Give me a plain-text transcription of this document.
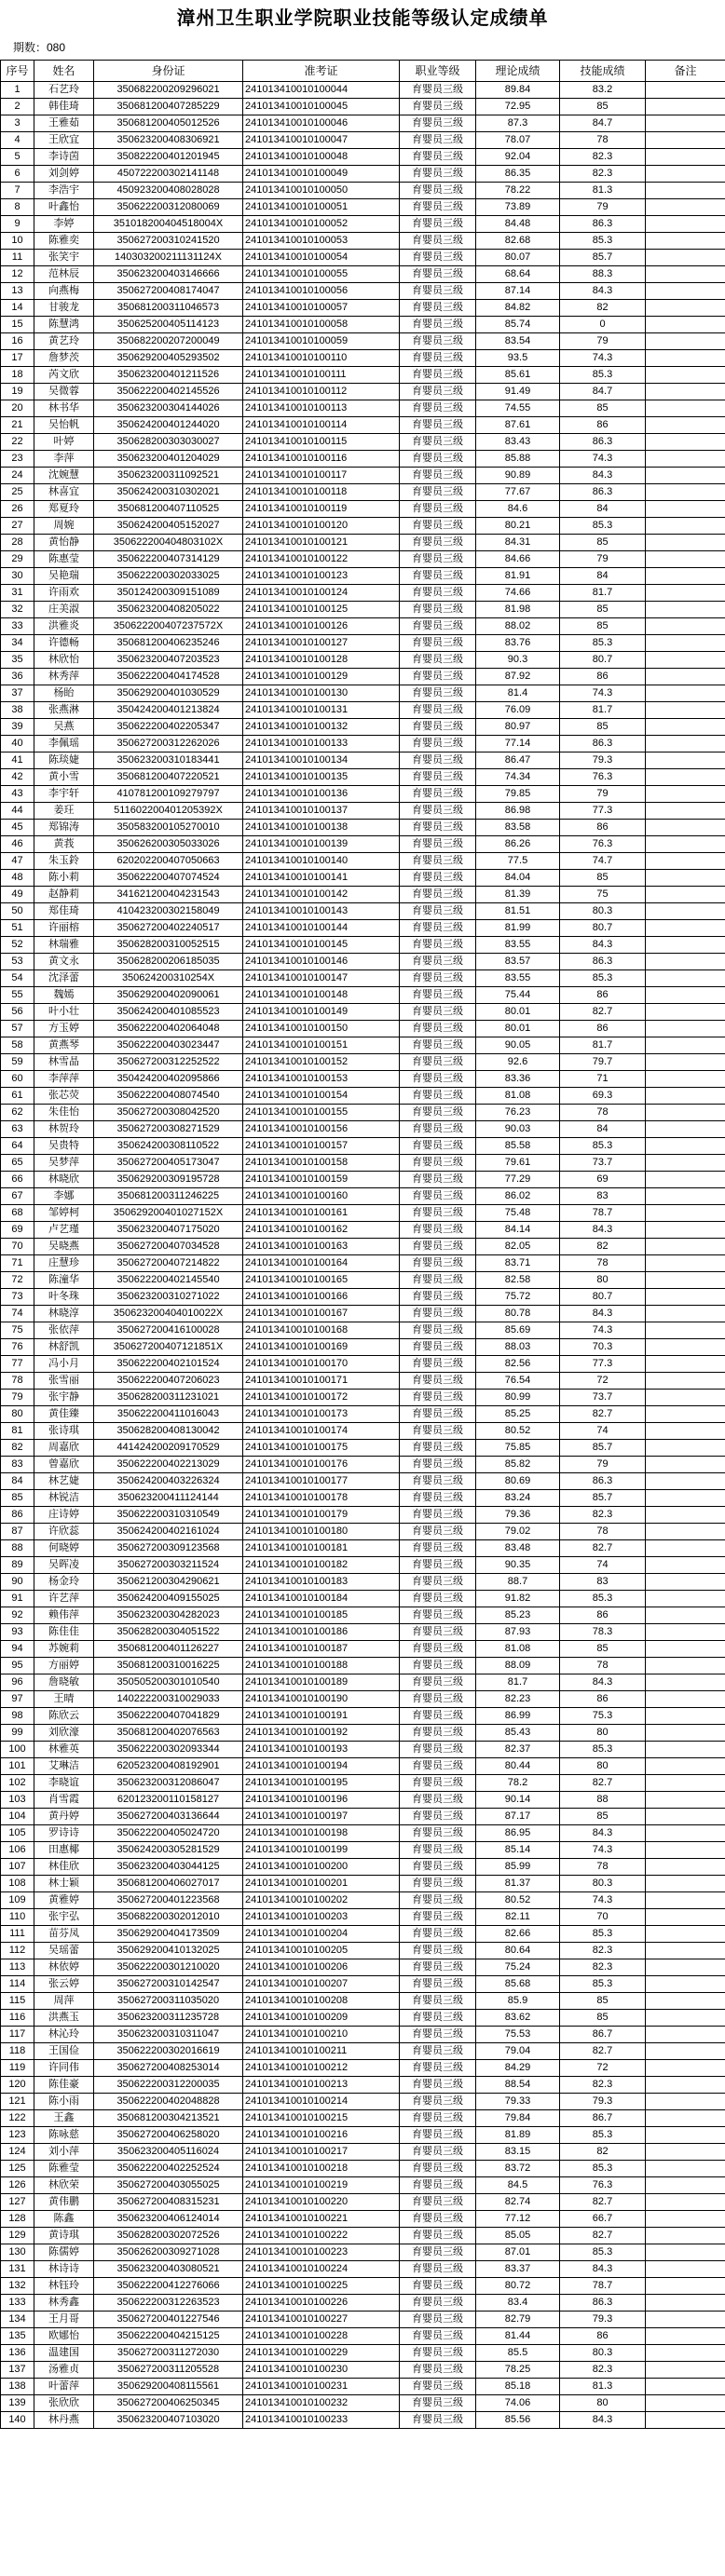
漳州卫生职业学院职业技能等级认定成绩单
期数：080
序号	姓名	身份证	准考证	职业等级	理论成绩	技能成绩	备注
1	石艺玲	350682200209296021	241013410010100044	育婴员三级	89.84	83.2	
2	韩佳琦	350681200407285229	241013410010100045	育婴员三级	72.95	85	
3	王雅茹	350681200405012526	241013410010100046	育婴员三级	87.3	84.7	
4	王欣宜	350623200408306921	241013410010100047	育婴员三级	78.07	78	
5	李诗茵	350822200401201945	241013410010100048	育婴员三级	92.04	82.3	
6	刘剑婷	450722200302141148	241013410010100049	育婴员三级	86.35	82.3	
7	李浩宇	450923200408028028	241013410010100050	育婴员三级	78.22	81.3	
8	叶鑫怡	350622200312080069	241013410010100051	育婴员三级	73.89	79	
9	李婷	351018200404518004X	241013410010100052	育婴员三级	84.48	86.3	
10	陈雅奕	350627200310241520	241013410010100053	育婴员三级	82.68	85.3	
11	张笑宇	140303200211131124X	241013410010100054	育婴员三级	80.07	85.7	
12	范林辰	350623200403146666	241013410010100055	育婴员三级	68.64	88.3	
13	向燕梅	350627200408174047	241013410010100056	育婴员三级	87.14	84.3	
14	甘骏龙	350681200311046573	241013410010100057	育婴员三级	84.82	82	
15	陈慧鸿	350625200405114123	241013410010100058	育婴员三级	85.74	0	
16	黄艺玲	350682200207200049	241013410010100059	育婴员三级	83.54	79	
17	詹梦茨	350629200405293502	241013410010100110	育婴员三级	93.5	74.3	
18	芮文欣	350623200401211526	241013410010100111	育婴员三级	85.61	85.3	
19	吴微蓉	350622200402145526	241013410010100112	育婴员三级	91.49	84.7	
20	林书华	350623200304144026	241013410010100113	育婴员三级	74.55	85	
21	吴怡帆	350624200401244020	241013410010100114	育婴员三级	87.61	86	
22	叶婷	350628200303030027	241013410010100115	育婴员三级	83.43	86.3	
23	李萍	350623200401204029	241013410010100116	育婴员三级	85.88	74.3	
24	沈婉慧	350623200311092521	241013410010100117	育婴员三级	90.89	84.3	
25	林喜宜	350624200310302021	241013410010100118	育婴员三级	77.67	86.3	
26	郑夏玲	350681200407110525	241013410010100119	育婴员三级	84.6	84	
27	周婉	350624200405152027	241013410010100120	育婴员三级	80.21	85.3	
28	黄怡静	350622200404803102X	241013410010100121	育婴员三级	84.31	85	
29	陈惠莹	350622200407314129	241013410010100122	育婴员三级	84.66	79	
30	吴艳瑞	350622200302033025	241013410010100123	育婴员三级	81.91	84	
31	许雨欢	350124200309151089	241013410010100124	育婴员三级	74.66	81.7	
32	庄美淑	350623200408205022	241013410010100125	育婴员三级	81.98	85	
33	洪雅炎	350622200407237572X	241013410010100126	育婴员三级	88.02	85	
34	许德畅	350681200406235246	241013410010100127	育婴员三级	83.76	85.3	
35	林欣怡	350623200407203523	241013410010100128	育婴员三级	90.3	80.7	
36	林秀萍	350622200404174528	241013410010100129	育婴员三级	87.92	86	
37	杨眙	350629200401030529	241013410010100130	育婴员三级	81.4	74.3	
38	张燕淋	350424200401213824	241013410010100131	育婴员三级	76.09	81.7	
39	吴燕	350622200402205347	241013410010100132	育婴员三级	80.97	85	
40	李佩瑶	350627200312262026	241013410010100133	育婴员三级	77.14	86.3	
41	陈琰婕	350623200310183441	241013410010100134	育婴员三级	86.47	79.3	
42	黄小雪	350681200407220521	241013410010100135	育婴员三级	74.34	76.3	
43	李宇轩	410781200109279797	241013410010100136	育婴员三级	79.85	79	
44	姜玨	511602200401205392X	241013410010100137	育婴员三级	86.98	77.3	
45	郑锦涛	350583200105270010	241013410010100138	育婴员三级	83.58	86	
46	黄莪	350626200305033026	241013410010100139	育婴员三级	86.26	76.3	
47	朱玉鈴	620202200407050663	241013410010100140	育婴员三级	77.5	74.7	
48	陈小莉	350622200407074524	241013410010100141	育婴员三级	84.04	85	
49	赵静莉	341621200404231543	241013410010100142	育婴员三级	81.39	75	
50	郑佳琦	410423200302158049	241013410010100143	育婴员三级	81.51	80.3	
51	许丽榕	350627200402240517	241013410010100144	育婴员三级	81.99	80.7	
52	林瑞雅	350628200310052515	241013410010100145	育婴员三级	83.55	84.3	
53	黄文永	350628200206185035	241013410010100146	育婴员三级	83.57	86.3	
54	沈泽蕾	350624200310254X	241013410010100147	育婴员三级	83.55	85.3	
55	魏嫣	350629200402090061	241013410010100148	育婴员三级	75.44	86	
56	叶小壮	350624200401085523	241013410010100149	育婴员三级	80.01	82.7	
57	方玉婷	350622200402064048	241013410010100150	育婴员三级	80.01	86	
58	黄燕琴	350622200403023447	241013410010100151	育婴员三级	90.05	81.7	
59	林雪晶	350627200312252522	241013410010100152	育婴员三级	92.6	79.7	
60	李萍萍	350424200402095866	241013410010100153	育婴员三级	83.36	71	
61	张芯荧	350622200408074540	241013410010100154	育婴员三级	81.08	69.3	
62	朱佳怡	350627200308042520	241013410010100155	育婴员三级	76.23	78	
63	林贺玲	350627200308271529	241013410010100156	育婴员三级	90.03	84	
64	吴贵特	350624200308110522	241013410010100157	育婴员三级	85.58	85.3	
65	吴梦萍	350627200405173047	241013410010100158	育婴员三级	79.61	73.7	
66	林晓欣	350629200309195728	241013410010100159	育婴员三级	77.29	69	
67	李娜	350681200311246225	241013410010100160	育婴员三级	86.02	83	
68	邹婷柯	350629200401027152X	241013410010100161	育婴员三级	75.48	78.7	
69	卢艺瑾	350623200407175020	241013410010100162	育婴员三级	84.14	84.3	
70	吴晓燕	350627200407034528	241013410010100163	育婴员三级	82.05	82	
71	庄慧珍	350627200407214822	241013410010100164	育婴员三级	83.71	78	
72	陈潼华	350622200402145540	241013410010100165	育婴员三级	82.58	80	
73	叶冬珠	350623200310271022	241013410010100166	育婴员三级	75.72	80.7	
74	林晓淳	350623200404010022X	241013410010100167	育婴员三级	80.78	84.3	
75	张依萍	350627200416100028	241013410010100168	育婴员三级	85.69	74.3	
76	林舒凯	350627200407121851X	241013410010100169	育婴员三级	88.03	70.3	
77	冯小月	350622200402101524	241013410010100170	育婴员三级	82.56	77.3	
78	张雪丽	350622200407206023	241013410010100171	育婴员三级	76.54	72	
79	张宇静	350628200311231021	241013410010100172	育婴员三级	80.99	73.7	
80	黄佳臻	350622200411016043	241013410010100173	育婴员三级	85.25	82.7	
81	张诗琪	350628200408130042	241013410010100174	育婴员三级	80.52	74	
82	周嘉欣	441424200209170529	241013410010100175	育婴员三级	75.85	85.7	
83	曾嘉欣	350622200402213029	241013410010100176	育婴员三级	85.82	79	
84	林艺婕	350624200403226324	241013410010100177	育婴员三级	80.69	86.3	
85	林锐洁	350623200411124144	241013410010100178	育婴员三级	83.24	85.7	
86	庄诗婷	350622200310310549	241013410010100179	育婴员三级	79.36	82.3	
87	许欣蕊	350624200402161024	241013410010100180	育婴员三级	79.02	78	
88	何晓婷	350627200309123568	241013410010100181	育婴员三级	83.48	82.7	
89	吴晖凌	350627200303211524	241013410010100182	育婴员三级	90.35	74	
90	杨金玲	350621200304290621	241013410010100183	育婴员三级	88.7	83	
91	许艺萍	350624200409155025	241013410010100184	育婴员三级	91.82	85.3	
92	赖伟萍	350623200304282023	241013410010100185	育婴员三级	85.23	86	
93	陈佳佳	350628200304051522	241013410010100186	育婴员三级	87.93	78.3	
94	苏婉莉	350681200401126227	241013410010100187	育婴员三级	81.08	85	
95	方丽婷	350681200310016225	241013410010100188	育婴员三级	88.09	78	
96	詹晓敏	350505200301010540	241013410010100189	育婴员三级	81.7	84.3	
97	王晴	140222200310029033	241013410010100190	育婴员三级	82.23	86	
98	陈欣云	350622200407041829	241013410010100191	育婴员三级	86.99	75.3	
99	刘欣濠	350681200402076563	241013410010100192	育婴员三级	85.43	80	
100	林雅英	350622200302093344	241013410010100193	育婴员三级	82.37	85.3	
101	艾琳洁	620523200408192901	241013410010100194	育婴员三级	80.44	80	
102	李晓谊	350623200312086047	241013410010100195	育婴员三级	78.2	82.7	
103	肖雪霞	620123200110158127	241013410010100196	育婴员三级	90.14	88	
104	黄丹婷	350627200403136644	241013410010100197	育婴员三级	87.17	85	
105	罗诗诗	350622200405024720	241013410010100198	育婴员三级	86.95	84.3	
106	田惠椰	350624200305281529	241013410010100199	育婴员三级	85.14	74.3	
107	林佳欣	350623200403044125	241013410010100200	育婴员三级	85.99	78	
108	林士颖	350681200406027017	241013410010100201	育婴员三级	81.37	80.3	
109	黄雅婷	350627200401223568	241013410010100202	育婴员三级	80.52	74.3	
110	张宇弘	350682200302012010	241013410010100203	育婴员三级	82.11	70	
111	苗芬凤	350629200404173509	241013410010100204	育婴员三级	82.66	85.3	
112	吴瑶蕾	350629200410132025	241013410010100205	育婴员三级	80.64	82.3	
113	林依婷	350622200301210020	241013410010100206	育婴员三级	75.24	82.3	
114	张云婷	350627200310142547	241013410010100207	育婴员三级	85.68	85.3	
115	周萍	350627200311035020	241013410010100208	育婴员三级	85.9	85	
116	洪燕玉	350623200311235728	241013410010100209	育婴员三级	83.62	85	
117	林沁玲	350623200310311047	241013410010100210	育婴员三级	75.53	86.7	
118	王国俭	350622200302016619	241013410010100211	育婴员三级	79.04	82.7	
119	许同伟	350627200408253014	241013410010100212	育婴员三级	84.29	72	
120	陈佳豪	350622200312200035	241013410010100213	育婴员三级	88.54	82.3	
121	陈小雨	350622200402048828	241013410010100214	育婴员三级	79.33	79.3	
122	王鑫	350681200304213521	241013410010100215	育婴员三级	79.84	86.7	
123	陈咏慈	350627200406258020	241013410010100216	育婴员三级	81.89	85.3	
124	刘小萍	350623200405116024	241013410010100217	育婴员三级	83.15	82	
125	陈雅莹	350622200402252524	241013410010100218	育婴员三级	83.72	85.3	
126	林欣荣	350627200403055025	241013410010100219	育婴员三级	84.5	76.3	
127	黄伟鹏	350627200408315231	241013410010100220	育婴员三级	82.74	82.7	
128	陈鑫	350623200406124014	241013410010100221	育婴员三级	77.12	66.7	
129	黄诗琪	350628200302072526	241013410010100222	育婴员三级	85.05	82.7	
130	陈儒婷	350626200309271028	241013410010100223	育婴员三级	87.01	85.3	
131	林诗诗	350623200403080521	241013410010100224	育婴员三级	83.37	84.3	
132	林钰玲	350622200412276066	241013410010100225	育婴员三级	80.72	78.7	
133	林秀鑫	350622200312263523	241013410010100226	育婴员三级	83.4	86.3	
134	王月哥	350627200401227546	241013410010100227	育婴员三级	82.79	79.3	
135	欧娜怡	350622200404215125	241013410010100228	育婴员三级	81.44	86	
136	温建国	350627200311272030	241013410010100229	育婴员三级	85.5	80.3	
137	汤雅贞	350627200311205528	241013410010100230	育婴员三级	78.25	82.3	
138	叶蕾萍	350629200408115561	241013410010100231	育婴员三级	85.18	81.3	
139	张欣欣	350627200406250345	241013410010100232	育婴员三级	74.06	80	
140	林丹燕	350623200407103020	241013410010100233	育婴员三级	85.56	84.3	
